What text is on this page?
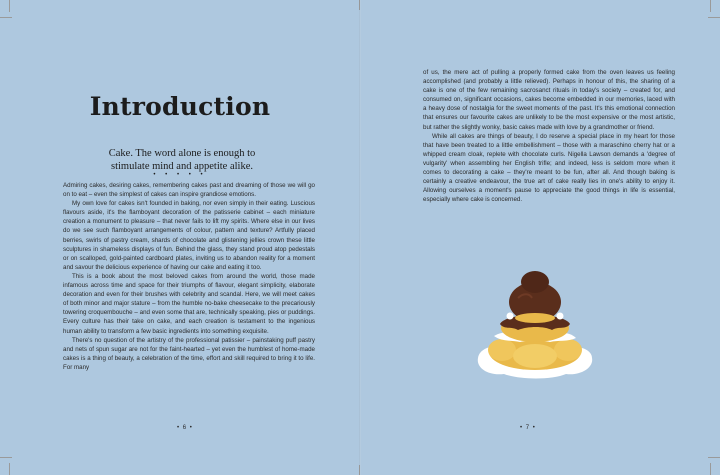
Introduction

Cake. The word alone is enough to stimulate mind and appetite alike.

• • • • •

Admiring cakes, desiring cakes, remembering cakes past and dreaming of those we will go on to eat – even the simplest of cakes can inspire grandiose emotions.

My own love for cakes isn't founded in baking, nor even simply in their eating. Luscious flavours aside, it's the flamboyant decoration of the patisserie cabinet – each miniature creation a monument to pleasure – that never fails to lift my spirits. Where else in our lives do we see such flamboyant arrangements of colour, pattern and texture? Artfully placed berries, swirls of pastry cream, shards of chocolate and glistening jellies crown these little sculptures in shameless displays of fun. Behind the glass, they stand proud atop pedestals or on scalloped, gold-painted cardboard plates, inviting us to abandon reality for a moment and savour the delicious experience of having our cake and eating it too.

This is a book about the most beloved cakes from around the world, those made infamous across time and space for their triumphs of flavour, elegant simplicity, elaborate decoration and even for their brushes with celebrity and scandal. Here, we will meet cakes of both minor and major stature – from the humble no-bake cheesecake to the precariously towering croquembouche – and even some that are, technically speaking, pies or puddings. Every culture has their take on cake, and each creation is testament to the ingenious human ability to transform a few basic ingredients into something exquisite.

There's no question of the artistry of the professional patissier – painstaking puff pastry and nets of spun sugar are not for the faint-hearted – yet even the humblest of home-made cakes is a thing of beauty, a celebration of the time, effort and skill required to bring it to life. For many

• 6 •

of us, the mere act of pulling a properly formed cake from the oven leaves us feeling accomplished (and probably a little relieved). Perhaps in honour of this, the sharing of a cake is one of the few remaining sacrosanct rituals in today's society – created for, and consumed on, significant occasions, cakes become embedded in our memories, laced with a heavy dose of nostalgia for the sweet moments of the past. It's this emotional connection that ensures our favourite cakes are unlikely to be the most expensive or the most artistic, but rather the slightly wonky, basic cakes made with love by a grandmother or friend.

While all cakes are things of beauty, I do reserve a special place in my heart for those that have been treated to a little embellishment – those with a maraschino cherry hat or a whipped cream cloak, replete with chocolate curls. Nigella Lawson demands a 'degree of vulgarity' when assembling her English trifle; and indeed, less is seldom more when it comes to decorating a cake – they're meant to be fun, after all. And though baking is certainly a creative endeavour, the true art of cake really lies in one's ability to enjoy it. Allowing ourselves a moment's pause to appreciate the good things in life is essential, especially where cake is concerned.

• 7 •
